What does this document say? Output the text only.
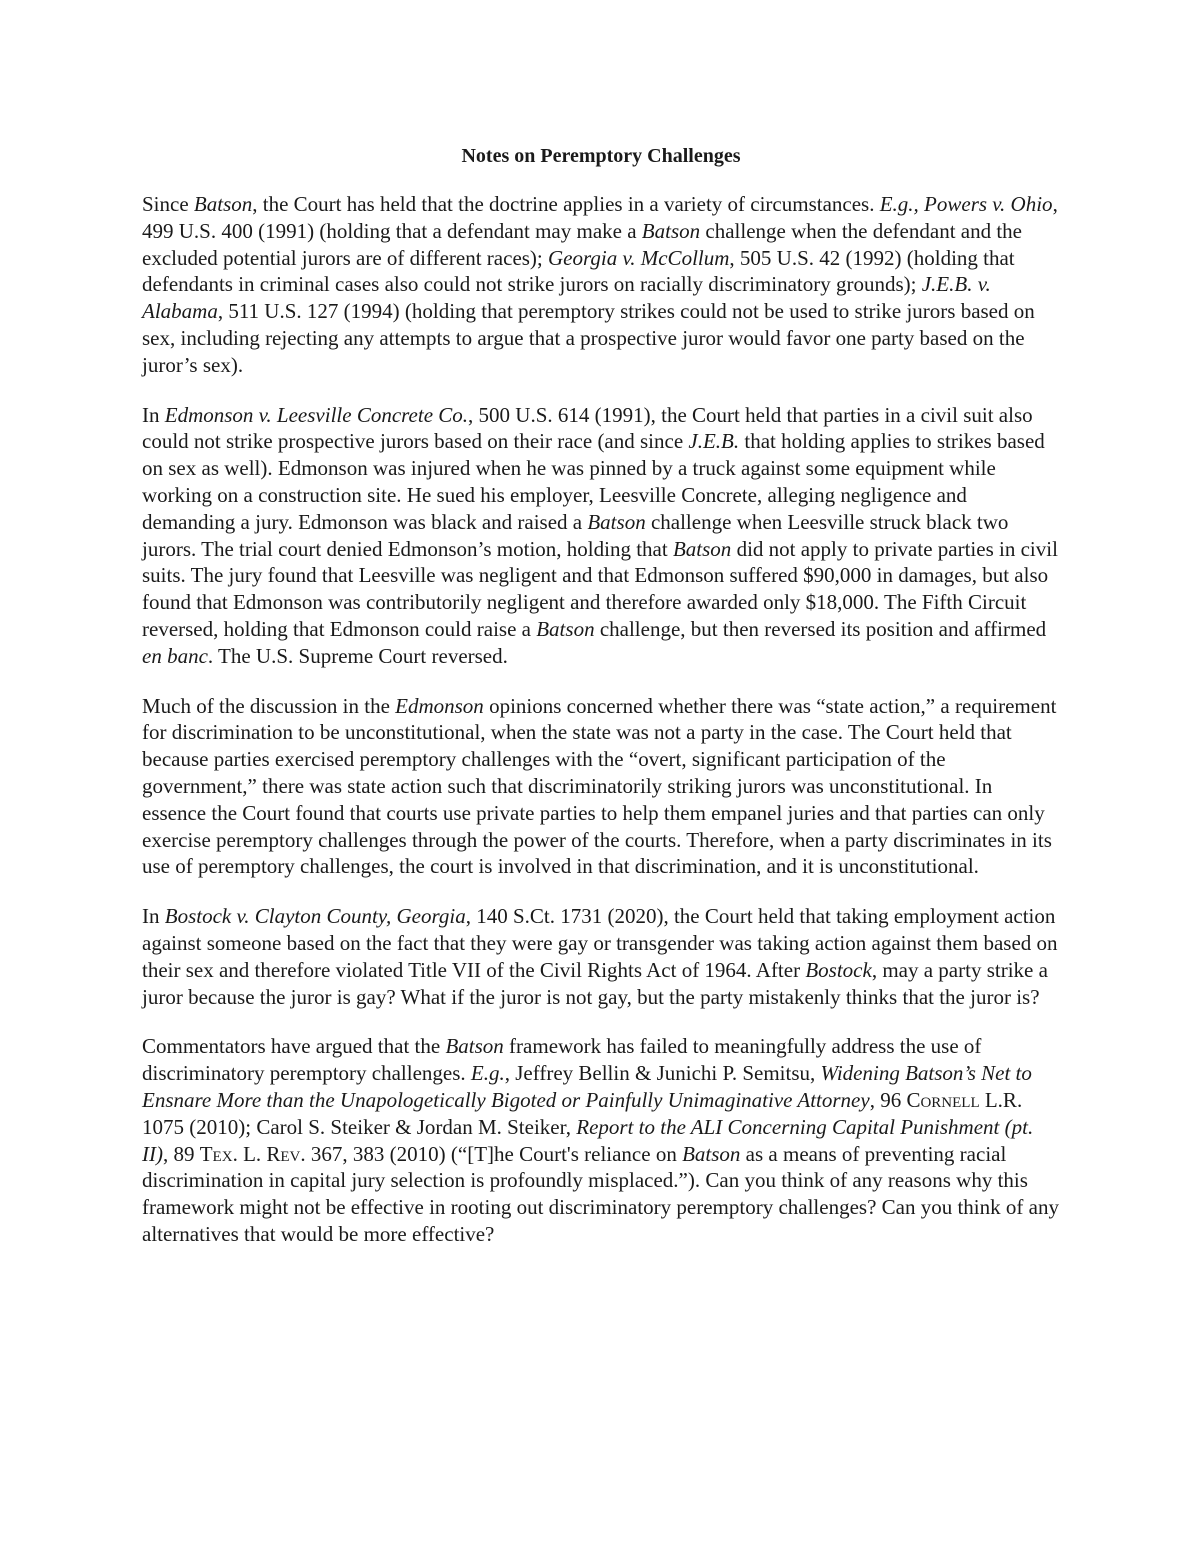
Notes on Peremptory Challenges

Since Batson, the Court has held that the doctrine applies in a variety of circumstances. E.g., Powers v. Ohio, 499 U.S. 400 (1991) (holding that a defendant may make a Batson challenge when the defendant and the excluded potential jurors are of different races); Georgia v. McCollum, 505 U.S. 42 (1992) (holding that defendants in criminal cases also could not strike jurors on racially discriminatory grounds); J.E.B. v. Alabama, 511 U.S. 127 (1994) (holding that peremptory strikes could not be used to strike jurors based on sex, including rejecting any attempts to argue that a prospective juror would favor one party based on the juror’s sex).

In Edmonson v. Leesville Concrete Co., 500 U.S. 614 (1991), the Court held that parties in a civil suit also could not strike prospective jurors based on their race (and since J.E.B. that holding applies to strikes based on sex as well). Edmonson was injured when he was pinned by a truck against some equipment while working on a construction site. He sued his employer, Leesville Concrete, alleging negligence and demanding a jury. Edmonson was black and raised a Batson challenge when Leesville struck black two jurors. The trial court denied Edmonson’s motion, holding that Batson did not apply to private parties in civil suits. The jury found that Leesville was negligent and that Edmonson suffered $90,000 in damages, but also found that Edmonson was contributorily negligent and therefore awarded only $18,000. The Fifth Circuit reversed, holding that Edmonson could raise a Batson challenge, but then reversed its position and affirmed en banc. The U.S. Supreme Court reversed.

Much of the discussion in the Edmonson opinions concerned whether there was “state action,” a requirement for discrimination to be unconstitutional, when the state was not a party in the case. The Court held that because parties exercised peremptory challenges with the “overt, significant participation of the government,” there was state action such that discriminatorily striking jurors was unconstitutional. In essence the Court found that courts use private parties to help them empanel juries and that parties can only exercise peremptory challenges through the power of the courts. Therefore, when a party discriminates in its use of peremptory challenges, the court is involved in that discrimination, and it is unconstitutional.

In Bostock v. Clayton County, Georgia, 140 S.Ct. 1731 (2020), the Court held that taking employment action against someone based on the fact that they were gay or transgender was taking action against them based on their sex and therefore violated Title VII of the Civil Rights Act of 1964. After Bostock, may a party strike a juror because the juror is gay? What if the juror is not gay, but the party mistakenly thinks that the juror is?

Commentators have argued that the Batson framework has failed to meaningfully address the use of discriminatory peremptory challenges. E.g., Jeffrey Bellin & Junichi P. Semitsu, Widening Batson’s Net to Ensnare More than the Unapologetically Bigoted or Painfully Unimaginative Attorney, 96 Cornell L.R. 1075 (2010); Carol S. Steiker & Jordan M. Steiker, Report to the ALI Concerning Capital Punishment (pt. II), 89 Tex. L. Rev. 367, 383 (2010) (“[T]he Court's reliance on Batson as a means of preventing racial discrimination in capital jury selection is profoundly misplaced.”). Can you think of any reasons why this framework might not be effective in rooting out discriminatory peremptory challenges? Can you think of any alternatives that would be more effective?
